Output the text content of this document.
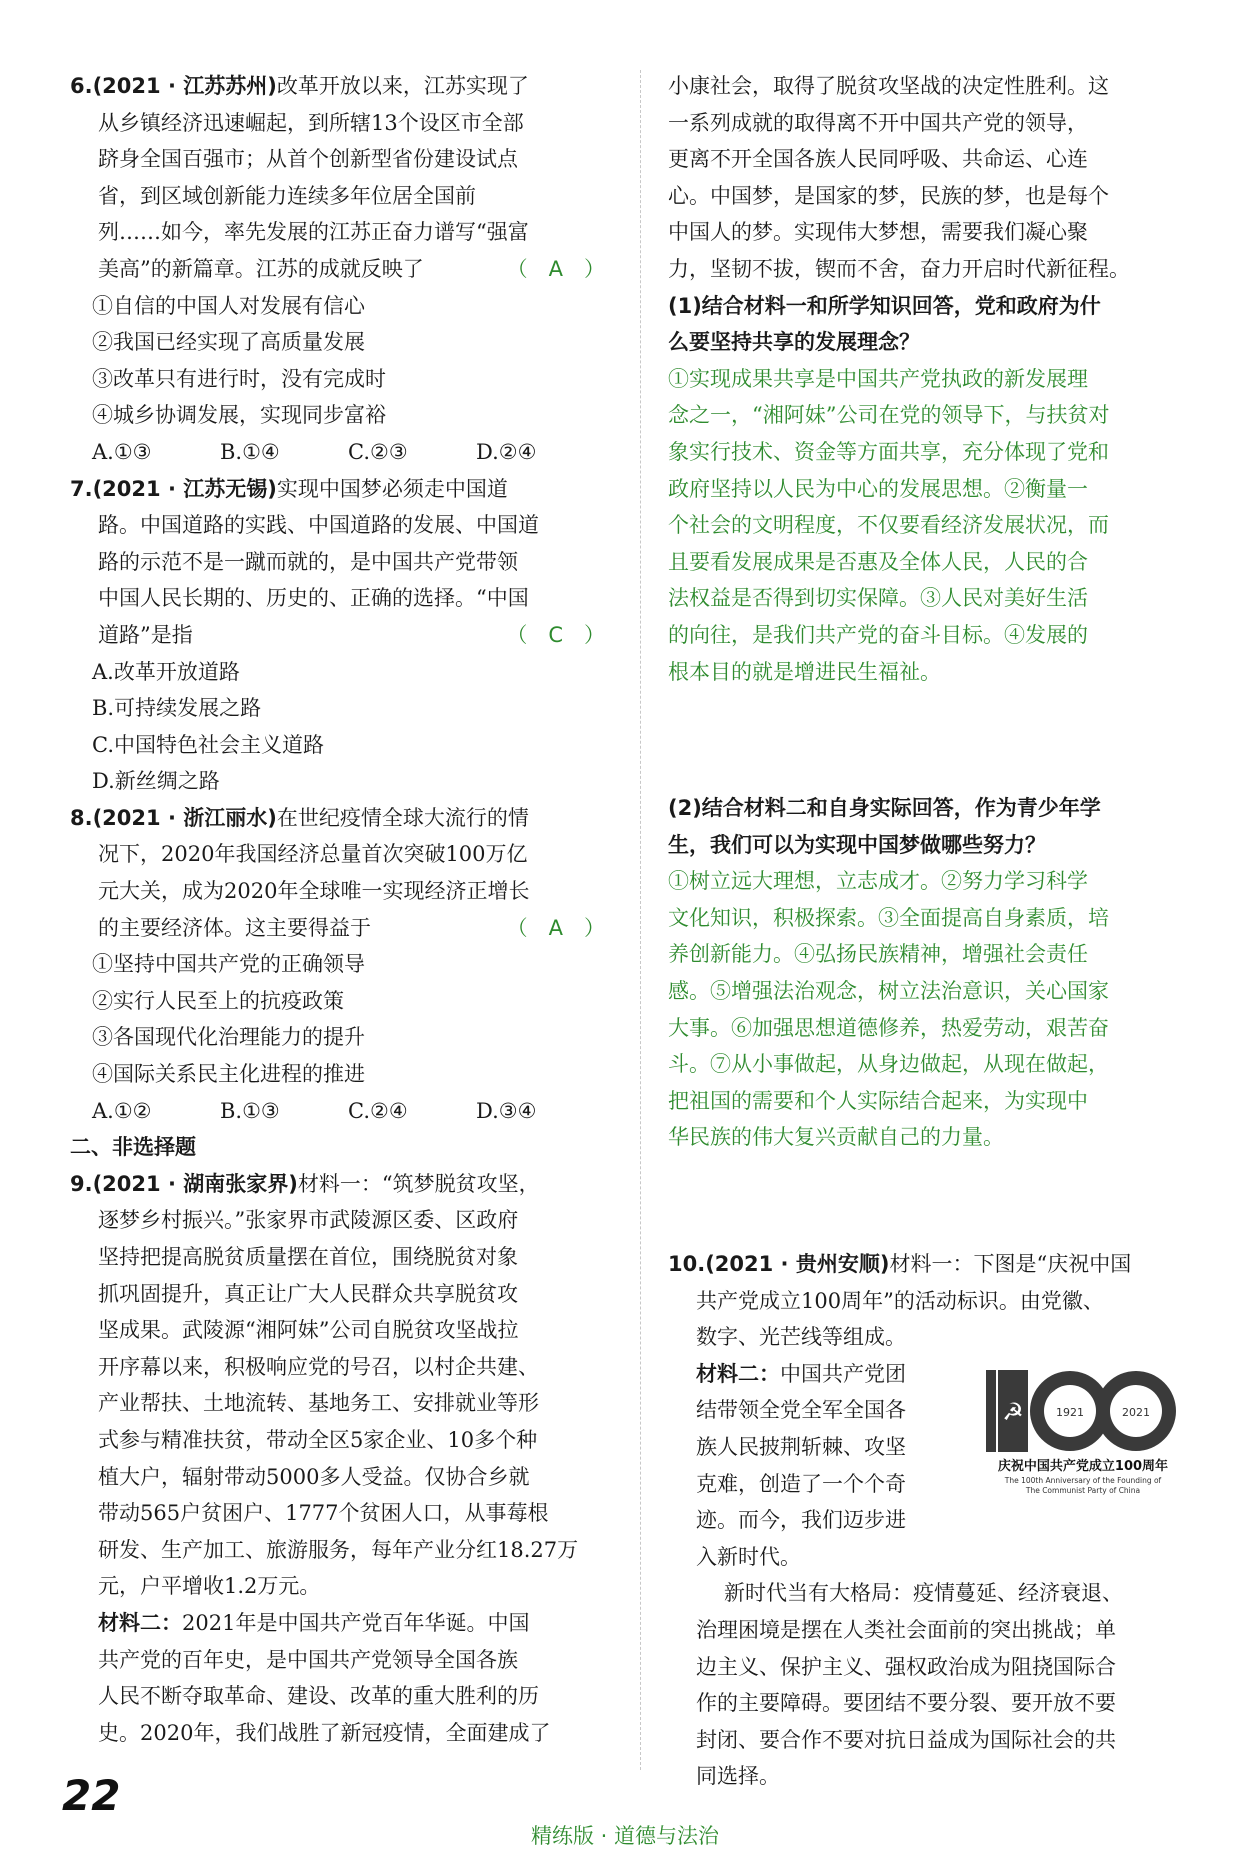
6.(2021 · 江苏苏州)改革开放以来，江苏实现了
从乡镇经济迅速崛起，到所辖13个设区市全部
跻身全国百强市；从首个创新型省份建设试点
省，到区域创新能力连续多年位居全国前
列……如今，率先发展的江苏正奋力谱写“强富
美高”的新篇章。江苏的成就反映了	（　A　）
①自信的中国人对发展有信心
②我国已经实现了高质量发展
③改革只有进行时，没有完成时
④城乡协调发展，实现同步富裕
A.①③	B.①④	C.②③	D.②④
7.(2021 · 江苏无锡)实现中国梦必须走中国道
路。中国道路的实践、中国道路的发展、中国道
路的示范不是一蹴而就的，是中国共产党带领
中国人民长期的、历史的、正确的选择。“中国
道路”是指	（　C　）
A.改革开放道路
B.可持续发展之路
C.中国特色社会主义道路
D.新丝绸之路
8.(2021 · 浙江丽水)在世纪疫情全球大流行的情
况下，2020年我国经济总量首次突破100万亿
元大关，成为2020年全球唯一实现经济正增长
的主要经济体。这主要得益于	（　A　）
①坚持中国共产党的正确领导
②实行人民至上的抗疫政策
③各国现代化治理能力的提升
④国际关系民主化进程的推进
A.①②	B.①③	C.②④	D.③④
二、非选择题
9.(2021 · 湖南张家界)材料一：“筑梦脱贫攻坚，
逐梦乡村振兴。”张家界市武陵源区委、区政府
坚持把提高脱贫质量摆在首位，围绕脱贫对象
抓巩固提升，真正让广大人民群众共享脱贫攻
坚成果。武陵源“湘阿妹”公司自脱贫攻坚战拉
开序幕以来，积极响应党的号召，以村企共建、
产业帮扶、土地流转、基地务工、安排就业等形
式参与精准扶贫，带动全区5家企业、10多个种
植大户，辐射带动5000多人受益。仅协合乡就
带动565户贫困户、1777个贫困人口，从事莓根
研发、生产加工、旅游服务，每年产业分红18.27万
元，户平增收1.2万元。
材料二：2021年是中国共产党百年华诞。中国
共产党的百年史，是中国共产党领导全国各族
人民不断夺取革命、建设、改革的重大胜利的历
史。2020年，我们战胜了新冠疫情，全面建成了
小康社会，取得了脱贫攻坚战的决定性胜利。这
一系列成就的取得离不开中国共产党的领导，
更离不开全国各族人民同呼吸、共命运、心连
心。中国梦，是国家的梦，民族的梦，也是每个
中国人的梦。实现伟大梦想，需要我们凝心聚
力，坚韧不拔，锲而不舍，奋力开启时代新征程。
(1)结合材料一和所学知识回答，党和政府为什
么要坚持共享的发展理念？
①实现成果共享是中国共产党执政的新发展理
念之一，“湘阿妹”公司在党的领导下，与扶贫对
象实行技术、资金等方面共享，充分体现了党和
政府坚持以人民为中心的发展思想。②衡量一
个社会的文明程度，不仅要看经济发展状况，而
且要看发展成果是否惠及全体人民，人民的合
法权益是否得到切实保障。③人民对美好生活
的向往，是我们共产党的奋斗目标。④发展的
根本目的就是增进民生福祉。
(2)结合材料二和自身实际回答，作为青少年学
生，我们可以为实现中国梦做哪些努力？
①树立远大理想，立志成才。②努力学习科学
文化知识，积极探索。③全面提高自身素质，培
养创新能力。④弘扬民族精神，增强社会责任
感。⑤增强法治观念，树立法治意识，关心国家
大事。⑥加强思想道德修养，热爱劳动，艰苦奋
斗。⑦从小事做起，从身边做起，从现在做起，
把祖国的需要和个人实际结合起来，为实现中
华民族的伟大复兴贡献自己的力量。
10.(2021 · 贵州安顺)材料一：下图是“庆祝中国
共产党成立100周年”的活动标识。由党徽、
数字、光芒线等组成。
☭	1921	2021
庆祝中国共产党成立100周年
The 100th Anniversary of the Founding of
The Communist Party of China
材料二：中国共产党团
结带领全党全军全国各
族人民披荆斩棘、攻坚
克难，创造了一个个奇
迹。而今，我们迈步进
入新时代。
新时代当有大格局：疫情蔓延、经济衰退、
治理困境是摆在人类社会面前的突出挑战；单
边主义、保护主义、强权政治成为阻挠国际合
作的主要障碍。要团结不要分裂、要开放不要
封闭、要合作不要对抗日益成为国际社会的共
同选择。
22
精练版 · 道德与法治
